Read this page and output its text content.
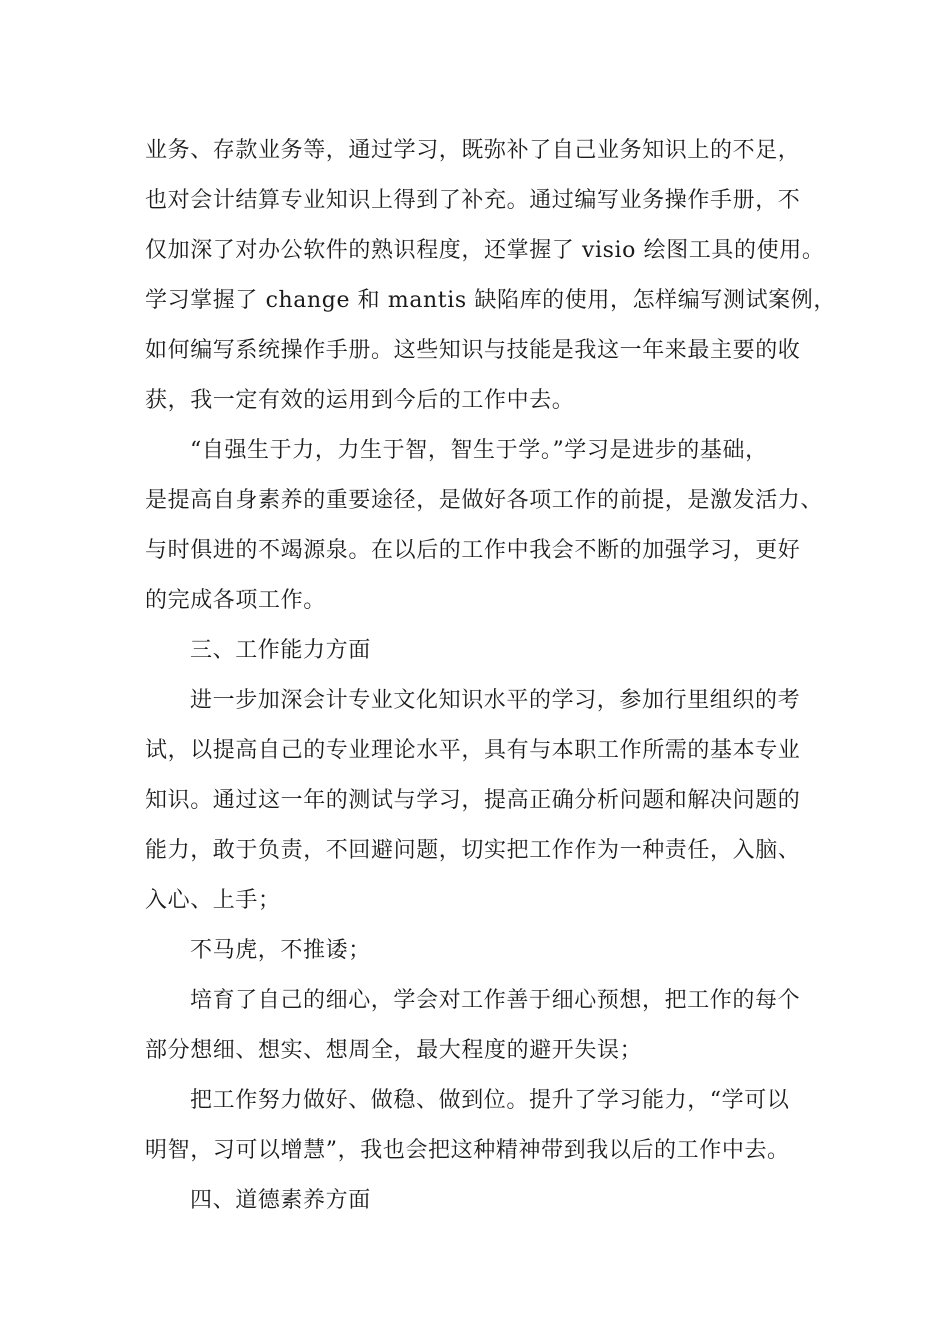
业务、存款业务等，通过学习，既弥补了自己业务知识上的不足，
也对会计结算专业知识上得到了补充。通过编写业务操作手册，不
仅加深了对办公软件的熟识程度，还掌握了 visio 绘图工具的使用。
学习掌握了 change 和 mantis 缺陷库的使用，怎样编写测试案例，
如何编写系统操作手册。这些知识与技能是我这一年来最主要的收
获，我一定有效的运用到今后的工作中去。
“自强生于力，力生于智，智生于学。”学习是进步的基础，
是提高自身素养的重要途径，是做好各项工作的前提，是激发活力、
与时俱进的不竭源泉。在以后的工作中我会不断的加强学习，更好
的完成各项工作。
三、工作能力方面
进一步加深会计专业文化知识水平的学习，参加行里组织的考
试，以提高自己的专业理论水平，具有与本职工作所需的基本专业
知识。通过这一年的测试与学习，提高正确分析问题和解决问题的
能力，敢于负责，不回避问题，切实把工作作为一种责任，入脑、
入心、上手；
不马虎，不推诿；
培育了自己的细心，学会对工作善于细心预想，把工作的每个
部分想细、想实、想周全，最大程度的避开失误；
把工作努力做好、做稳、做到位。提升了学习能力，“学可以
明智，习可以增慧”，我也会把这种精神带到我以后的工作中去。
四、道德素养方面
